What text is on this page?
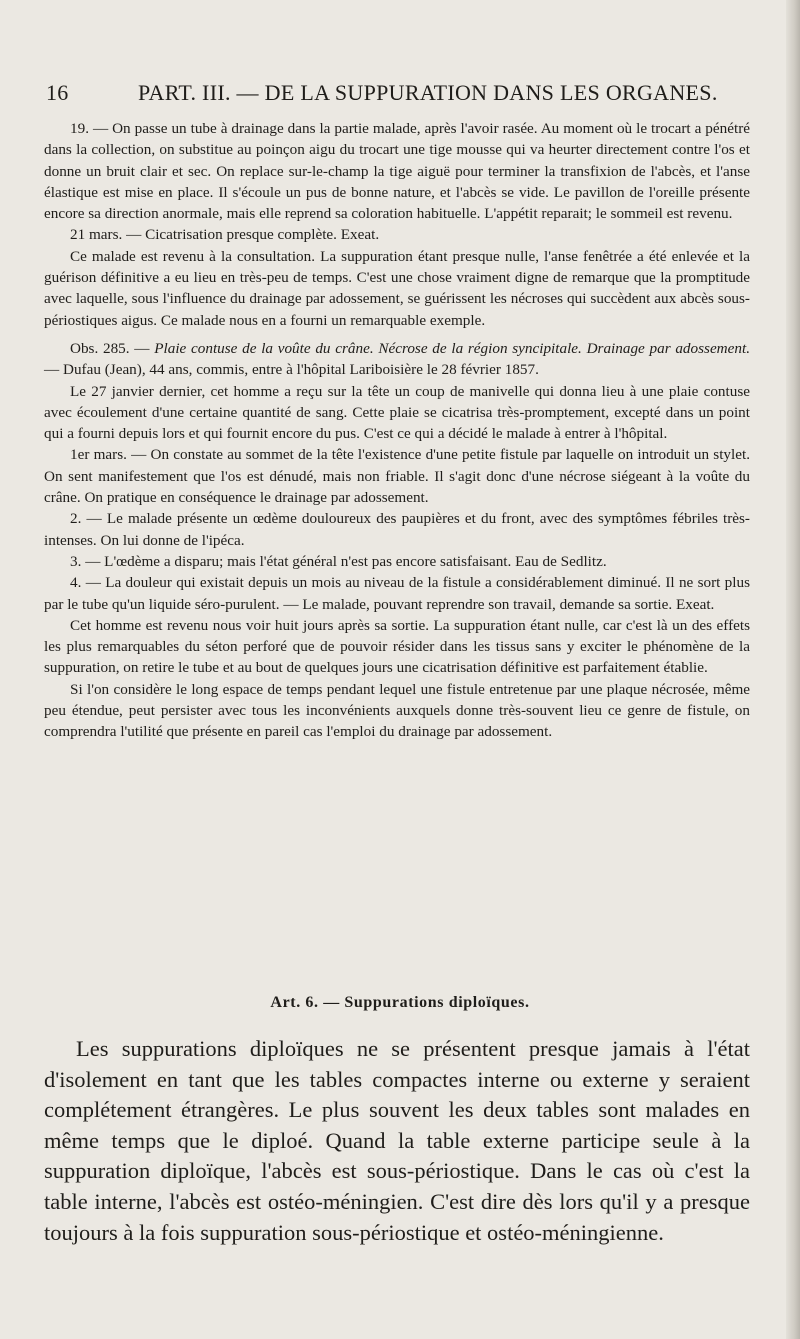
16	PART. III. — DE LA SUPPURATION DANS LES ORGANES.

19. — On passe un tube à drainage dans la partie malade, après l'avoir rasée. Au moment où le trocart a pénétré dans la collection, on substitue au poinçon aigu du trocart une tige mousse qui va heurter directement contre l'os et donne un bruit clair et sec. On replace sur-le-champ la tige aiguë pour terminer la transfixion de l'abcès, et l'anse élastique est mise en place. Il s'écoule un pus de bonne nature, et l'abcès se vide. Le pavillon de l'oreille présente encore sa direction anormale, mais elle reprend sa coloration habituelle. L'appétit reparait; le sommeil est revenu.

21 mars. — Cicatrisation presque complète. Exeat.

Ce malade est revenu à la consultation. La suppuration étant presque nulle, l'anse fenêtrée a été enlevée et la guérison définitive a eu lieu en très-peu de temps. C'est une chose vraiment digne de remarque que la promptitude avec laquelle, sous l'influence du drainage par adossement, se guérissent les nécroses qui succèdent aux abcès sous-périostiques aigus. Ce malade nous en a fourni un remarquable exemple.

Obs. 285. — Plaie contuse de la voûte du crâne. Nécrose de la région syncipitale. Drainage par adossement. — Dufau (Jean), 44 ans, commis, entre à l'hôpital Lariboisière le 28 février 1857.

Le 27 janvier dernier, cet homme a reçu sur la tête un coup de manivelle qui donna lieu à une plaie contuse avec écoulement d'une certaine quantité de sang. Cette plaie se cicatrisa très-promptement, excepté dans un point qui a fourni depuis lors et qui fournit encore du pus. C'est ce qui a décidé le malade à entrer à l'hôpital.

1er mars. — On constate au sommet de la tête l'existence d'une petite fistule par laquelle on introduit un stylet. On sent manifestement que l'os est dénudé, mais non friable. Il s'agit donc d'une nécrose siégeant à la voûte du crâne. On pratique en conséquence le drainage par adossement.

2. — Le malade présente un œdème douloureux des paupières et du front, avec des symptômes fébriles très-intenses. On lui donne de l'ipéca.

3. — L'œdème a disparu; mais l'état général n'est pas encore satisfaisant. Eau de Sedlitz.

4. — La douleur qui existait depuis un mois au niveau de la fistule a considérablement diminué. Il ne sort plus par le tube qu'un liquide séro-purulent. — Le malade, pouvant reprendre son travail, demande sa sortie. Exeat.

Cet homme est revenu nous voir huit jours après sa sortie. La suppuration étant nulle, car c'est là un des effets les plus remarquables du séton perforé que de pouvoir résider dans les tissus sans y exciter le phénomène de la suppuration, on retire le tube et au bout de quelques jours une cicatrisation définitive est parfaitement établie.

Si l'on considère le long espace de temps pendant lequel une fistule entretenue par une plaque nécrosée, même peu étendue, peut persister avec tous les inconvénients auxquels donne très-souvent lieu ce genre de fistule, on comprendra l'utilité que présente en pareil cas l'emploi du drainage par adossement.

Art. 6. — Suppurations diploïques.

Les suppurations diploïques ne se présentent presque jamais à l'état d'isolement en tant que les tables compactes interne ou externe y seraient complétement étrangères. Le plus souvent les deux tables sont malades en même temps que le diploé. Quand la table externe participe seule à la suppuration diploïque, l'abcès est sous-périostique. Dans le cas où c'est la table interne, l'abcès est ostéo-méningien. C'est dire dès lors qu'il y a presque toujours à la fois suppuration sous-périostique et ostéo-méningienne.
